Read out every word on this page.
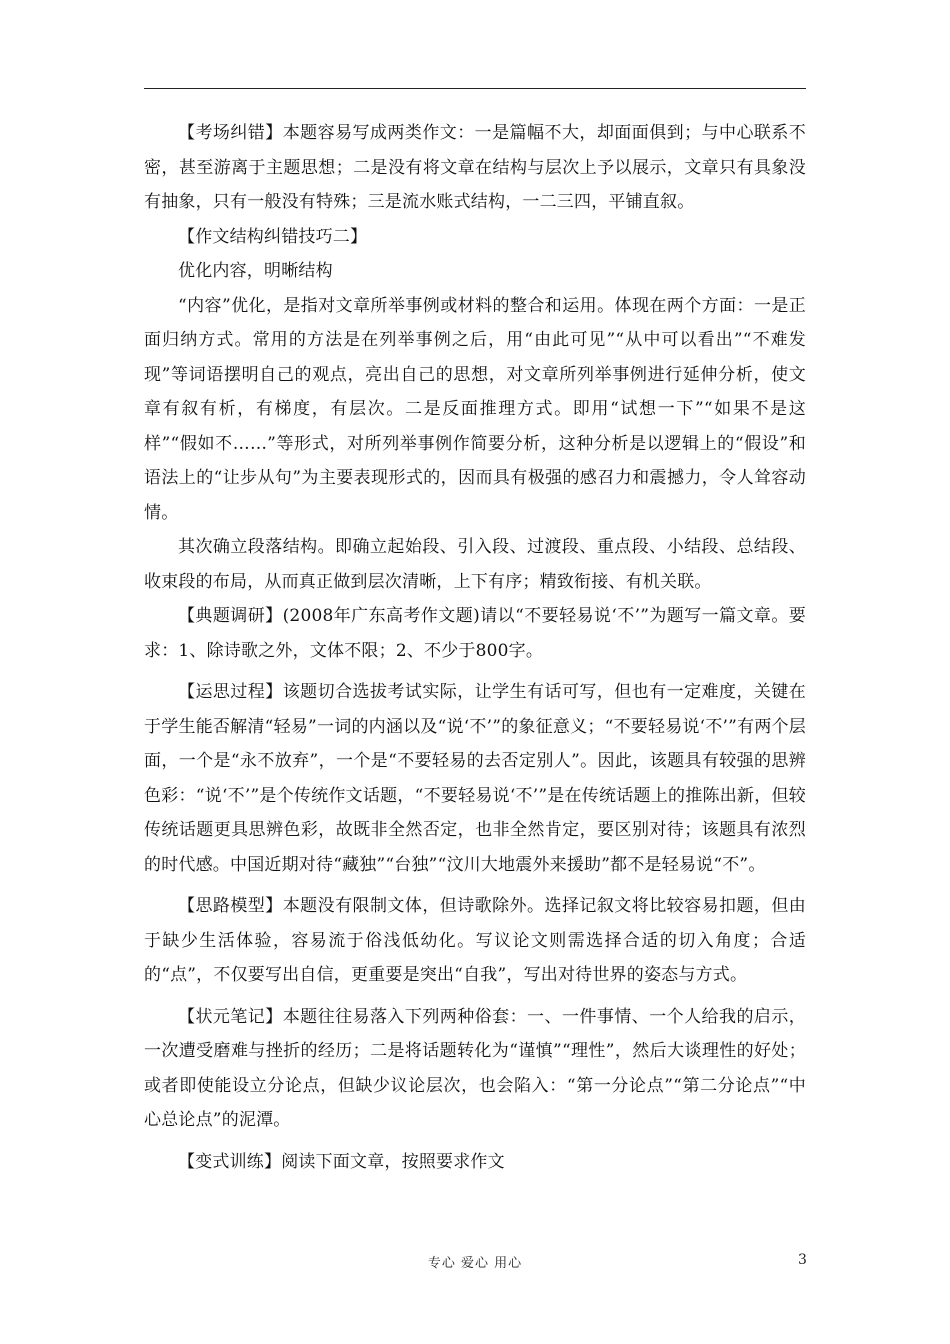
【考场纠错】本题容易写成两类作文：一是篇幅不大，却面面俱到；与中心联系不密，甚至游离于主题思想；二是没有将文章在结构与层次上予以展示，文章只有具象没有抽象，只有一般没有特殊；三是流水账式结构，一二三四，平铺直叙。

【作文结构纠错技巧二】

优化内容，明晰结构

“内容”优化，是指对文章所举事例或材料的整合和运用。体现在两个方面：一是正面归纳方式。常用的方法是在列举事例之后，用“由此可见”“从中可以看出”“不难发现”等词语摆明自己的观点，亮出自己的思想，对文章所列举事例进行延伸分析，使文章有叙有析，有梯度，有层次。二是反面推理方式。即用“试想一下”“如果不是这样”“假如不……”等形式，对所列举事例作简要分析，这种分析是以逻辑上的“假设”和语法上的“让步从句”为主要表现形式的，因而具有极强的感召力和震撼力，令人耸容动情。

其次确立段落结构。即确立起始段、引入段、过渡段、重点段、小结段、总结段、收束段的布局，从而真正做到层次清晰，上下有序；精致衔接、有机关联。

【典题调研】(2008年广东高考作文题)请以“不要轻易说‘不’”为题写一篇文章。要求：1、除诗歌之外，文体不限；2、不少于800字。

【运思过程】该题切合选拔考试实际，让学生有话可写，但也有一定难度，关键在于学生能否解清“轻易”一词的内涵以及“说‘不’”的象征意义；“不要轻易说‘不’”有两个层面，一个是“永不放弃”，一个是“不要轻易的去否定别人”。因此，该题具有较强的思辨色彩：“说‘不’”是个传统作文话题，“不要轻易说‘不’”是在传统话题上的推陈出新，但较传统话题更具思辨色彩，故既非全然否定，也非全然肯定，要区别对待；该题具有浓烈的时代感。中国近期对待“藏独”“台独”“汶川大地震外来援助”都不是轻易说“不”。

【思路模型】本题没有限制文体，但诗歌除外。选择记叙文将比较容易扣题，但由于缺少生活体验，容易流于俗浅低幼化。写议论文则需选择合适的切入角度；合适的“点”，不仅要写出自信，更重要是突出“自我”，写出对待世界的姿态与方式。

【状元笔记】本题往往易落入下列两种俗套：一、一件事情、一个人给我的启示，一次遭受磨难与挫折的经历；二是将话题转化为“谨慎”“理性”，然后大谈理性的好处；或者即使能设立分论点，但缺少议论层次，也会陷入：“第一分论点”“第二分论点”“中心总论点”的泥潭。

【变式训练】阅读下面文章，按照要求作文

专心 爱心 用心	3
